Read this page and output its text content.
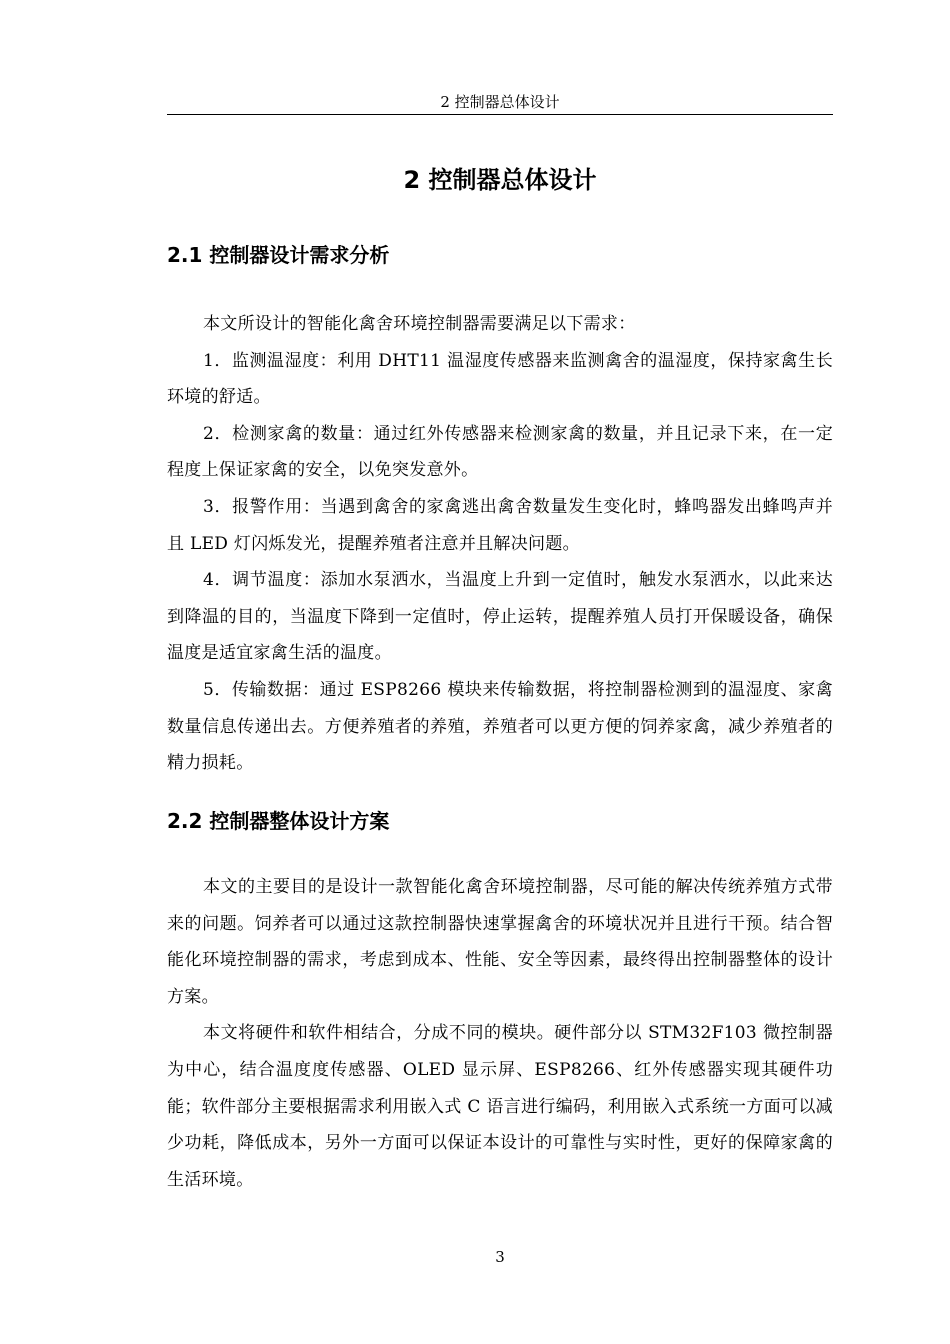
2 控制器总体设计
2 控制器总体设计
2.1 控制器设计需求分析

本文所设计的智能化禽舍环境控制器需要满足以下需求：

1．监测温湿度：利用 DHT11 温湿度传感器来监测禽舍的温湿度，保持家禽生长环境的舒适。

2．检测家禽的数量：通过红外传感器来检测家禽的数量，并且记录下来，在一定程度上保证家禽的安全，以免突发意外。

3．报警作用：当遇到禽舍的家禽逃出禽舍数量发生变化时，蜂鸣器发出蜂鸣声并且 LED 灯闪烁发光，提醒养殖者注意并且解决问题。

4．调节温度：添加水泵洒水，当温度上升到一定值时，触发水泵洒水，以此来达到降温的目的，当温度下降到一定值时，停止运转，提醒养殖人员打开保暖设备，确保温度是适宜家禽生活的温度。

5．传输数据：通过 ESP8266 模块来传输数据，将控制器检测到的温湿度、家禽数量信息传递出去。方便养殖者的养殖，养殖者可以更方便的饲养家禽，减少养殖者的精力损耗。

2.2 控制器整体设计方案

本文的主要目的是设计一款智能化禽舍环境控制器，尽可能的解决传统养殖方式带来的问题。饲养者可以通过这款控制器快速掌握禽舍的环境状况并且进行干预。结合智能化环境控制器的需求，考虑到成本、性能、安全等因素，最终得出控制器整体的设计方案。

本文将硬件和软件相结合，分成不同的模块。硬件部分以 STM32F103 微控制器为中心，结合温度度传感器、OLED 显示屏、ESP8266、红外传感器实现其硬件功能；软件部分主要根据需求利用嵌入式 C 语言进行编码，利用嵌入式系统一方面可以减少功耗，降低成本，另外一方面可以保证本设计的可靠性与实时性，更好的保障家禽的生活环境。

3
